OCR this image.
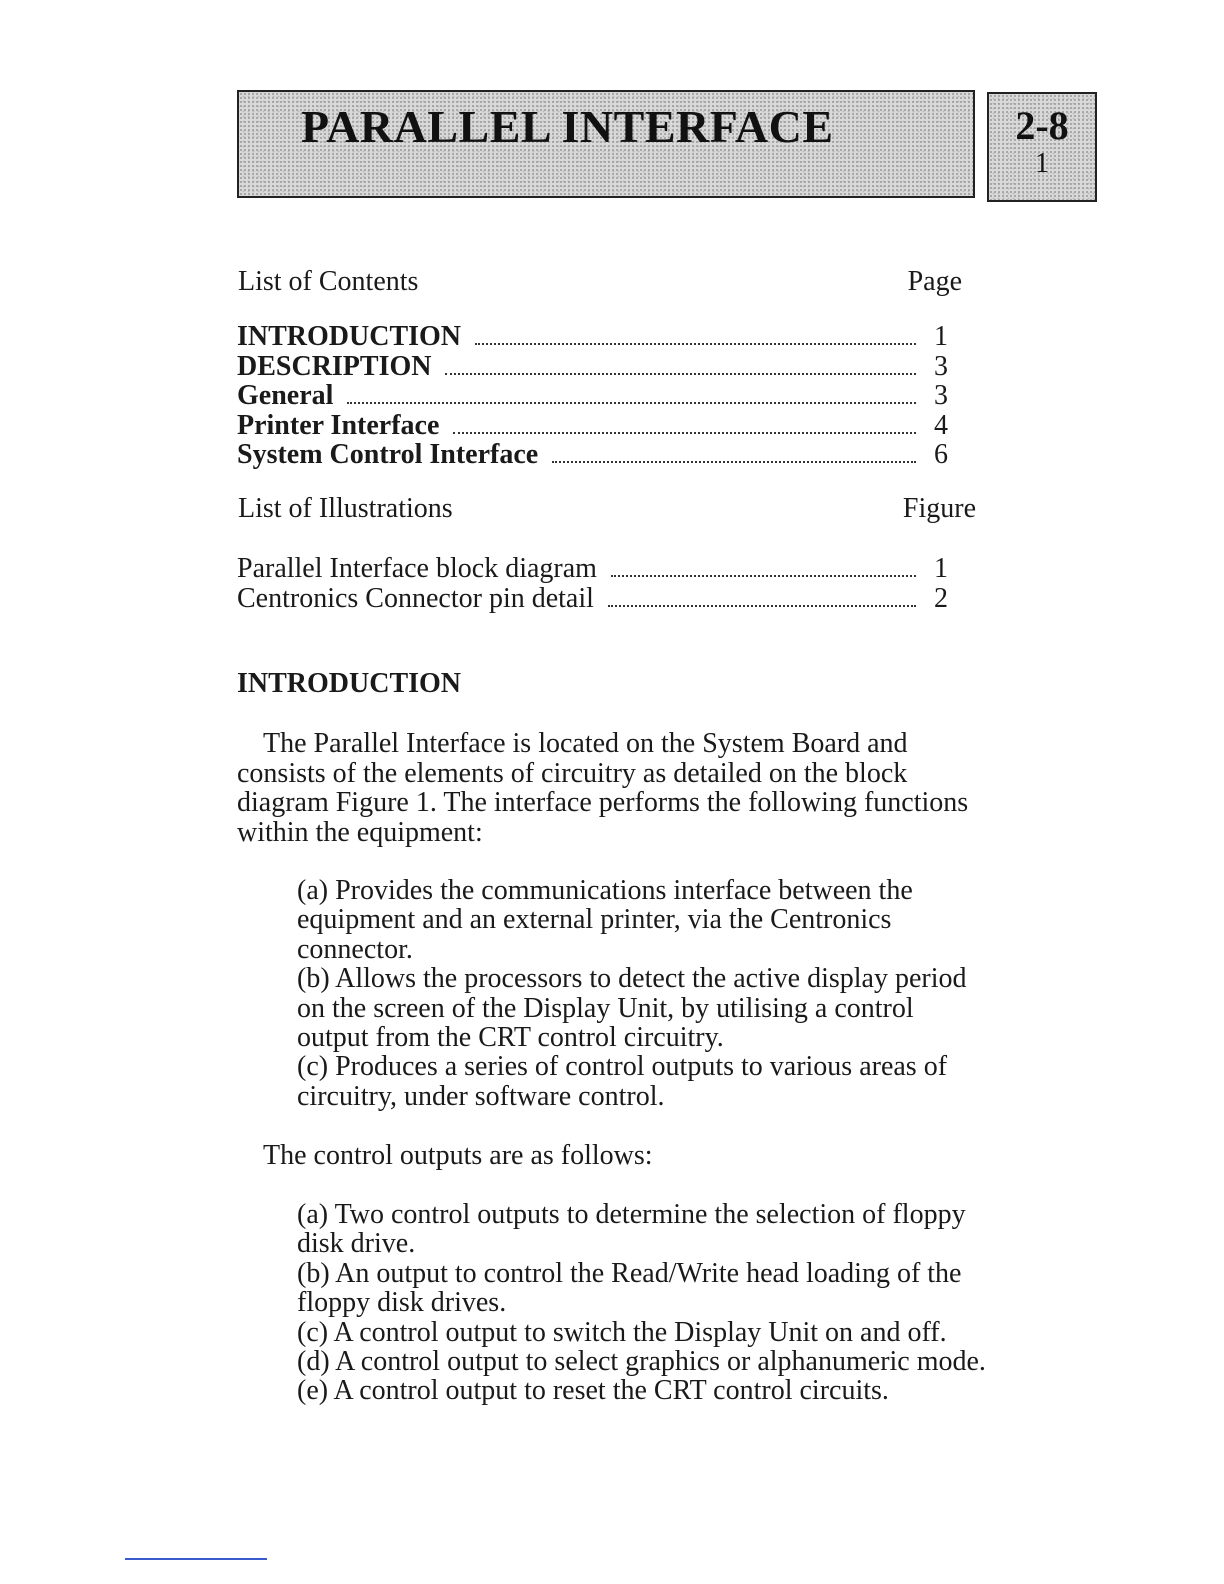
PARALLEL INTERFACE	2-8
1
List of Contents	Page
INTRODUCTION	1
DESCRIPTION	3
General	3
Printer Interface	4
System Control Interface	6
List of Illustrations	Figure
Parallel Interface block diagram	1
Centronics Connector pin detail	2
INTRODUCTION

The Parallel Interface is located on the System Board and consists of the elements of circuitry as detailed on the block diagram Figure 1. The interface performs the following functions within the equipment:

(a) Provides the communications interface between the equipment and an external printer, via the Centronics connector.
(b) Allows the processors to detect the active display period on the screen of the Display Unit, by utilising a control output from the CRT control circuitry.
(c) Produces a series of control outputs to various areas of circuitry, under software control.

The control outputs are as follows:

(a) Two control outputs to determine the selection of floppy disk drive.
(b) An output to control the Read/Write head loading of the floppy disk drives.
(c) A control output to switch the Display Unit on and off.
(d) A control output to select graphics or alphanumeric mode.
(e) A control output to reset the CRT control circuits.
